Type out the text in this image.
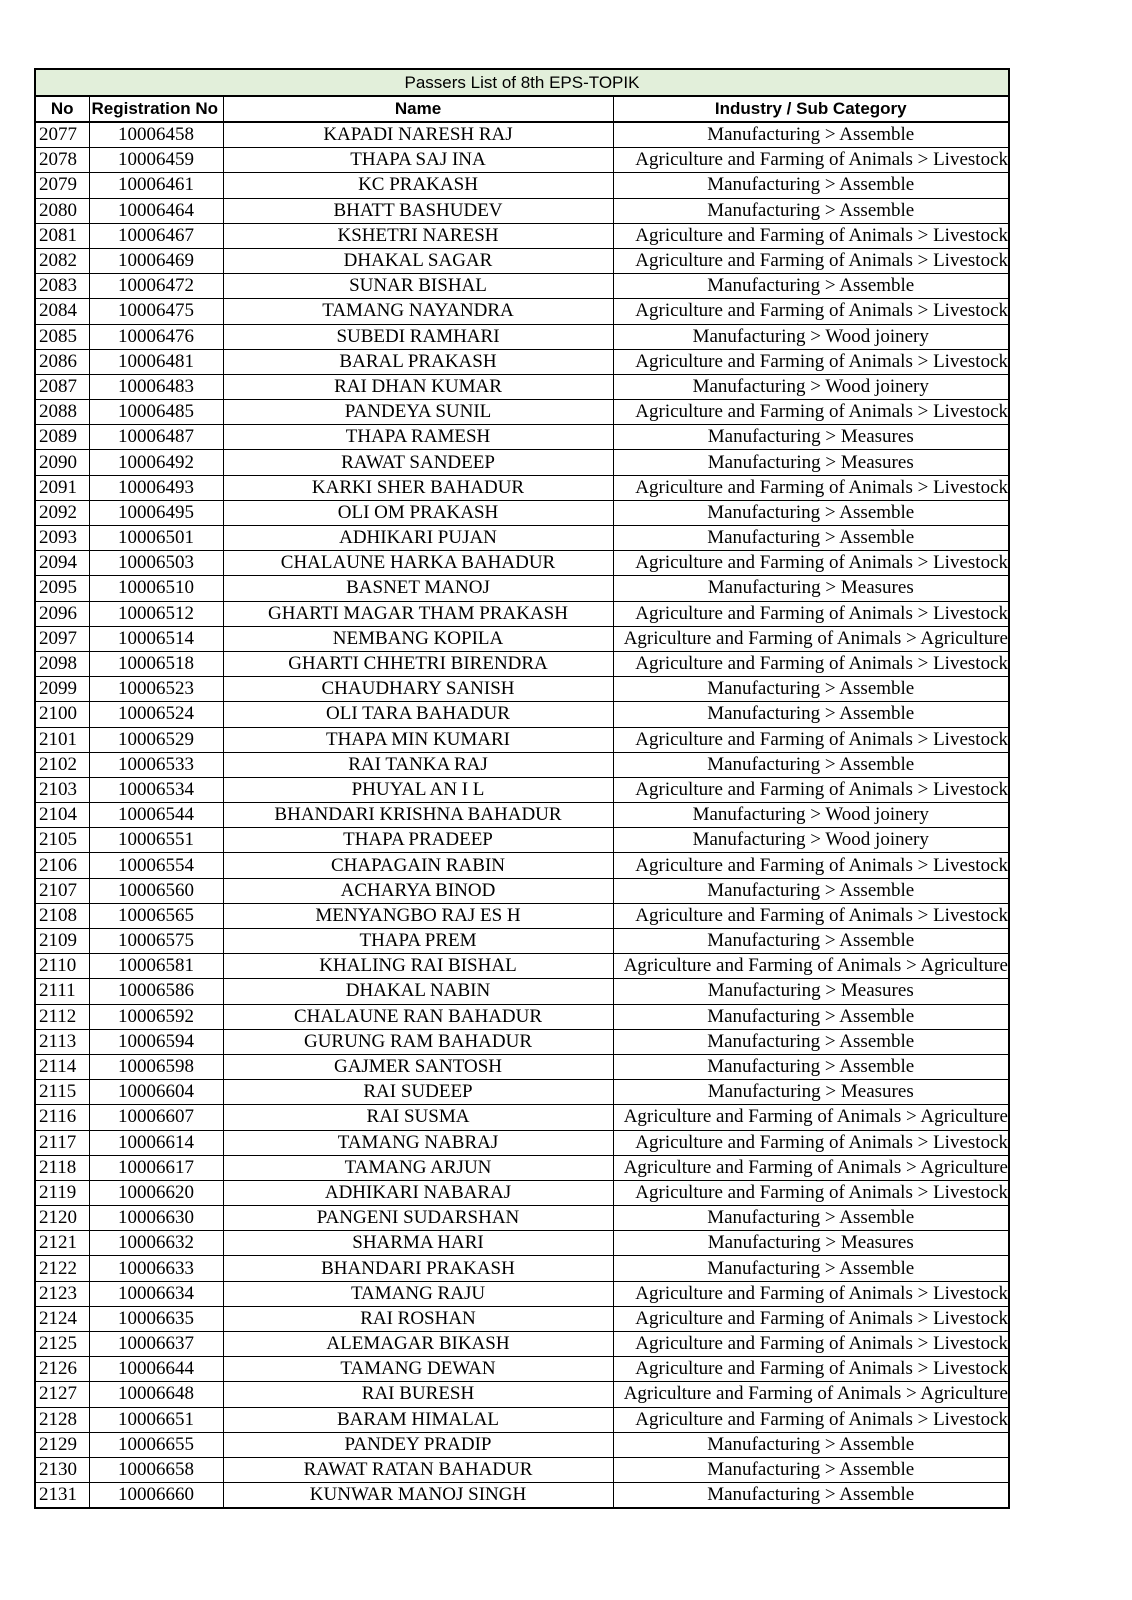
Passers List of 8th EPS-TOPIK			
No	Registration No	Name	Industry / Sub Category
2077	10006458	KAPADI NARESH RAJ	Manufacturing > Assemble
2078	10006459	THAPA SAJ INA	Agriculture and Farming of Animals > Livestock
2079	10006461	KC PRAKASH	Manufacturing > Assemble
2080	10006464	BHATT BASHUDEV	Manufacturing > Assemble
2081	10006467	KSHETRI NARESH	Agriculture and Farming of Animals > Livestock
2082	10006469	DHAKAL SAGAR	Agriculture and Farming of Animals > Livestock
2083	10006472	SUNAR BISHAL	Manufacturing > Assemble
2084	10006475	TAMANG NAYANDRA	Agriculture and Farming of Animals > Livestock
2085	10006476	SUBEDI RAMHARI	Manufacturing > Wood joinery
2086	10006481	BARAL PRAKASH	Agriculture and Farming of Animals > Livestock
2087	10006483	RAI DHAN KUMAR	Manufacturing > Wood joinery
2088	10006485	PANDEYA SUNIL	Agriculture and Farming of Animals > Livestock
2089	10006487	THAPA RAMESH	Manufacturing > Measures
2090	10006492	RAWAT SANDEEP	Manufacturing > Measures
2091	10006493	KARKI SHER BAHADUR	Agriculture and Farming of Animals > Livestock
2092	10006495	OLI OM PRAKASH	Manufacturing > Assemble
2093	10006501	ADHIKARI PUJAN	Manufacturing > Assemble
2094	10006503	CHALAUNE HARKA BAHADUR	Agriculture and Farming of Animals > Livestock
2095	10006510	BASNET MANOJ	Manufacturing > Measures
2096	10006512	GHARTI MAGAR THAM PRAKASH	Agriculture and Farming of Animals > Livestock
2097	10006514	NEMBANG KOPILA	Agriculture and Farming of Animals > Agriculture
2098	10006518	GHARTI CHHETRI BIRENDRA	Agriculture and Farming of Animals > Livestock
2099	10006523	CHAUDHARY SANISH	Manufacturing > Assemble
2100	10006524	OLI TARA BAHADUR	Manufacturing > Assemble
2101	10006529	THAPA MIN KUMARI	Agriculture and Farming of Animals > Livestock
2102	10006533	RAI TANKA RAJ	Manufacturing > Assemble
2103	10006534	PHUYAL AN I L	Agriculture and Farming of Animals > Livestock
2104	10006544	BHANDARI KRISHNA BAHADUR	Manufacturing > Wood joinery
2105	10006551	THAPA PRADEEP	Manufacturing > Wood joinery
2106	10006554	CHAPAGAIN RABIN	Agriculture and Farming of Animals > Livestock
2107	10006560	ACHARYA BINOD	Manufacturing > Assemble
2108	10006565	MENYANGBO RAJ ES H	Agriculture and Farming of Animals > Livestock
2109	10006575	THAPA PREM	Manufacturing > Assemble
2110	10006581	KHALING RAI BISHAL	Agriculture and Farming of Animals > Agriculture
2111	10006586	DHAKAL NABIN	Manufacturing > Measures
2112	10006592	CHALAUNE RAN BAHADUR	Manufacturing > Assemble
2113	10006594	GURUNG RAM BAHADUR	Manufacturing > Assemble
2114	10006598	GAJMER SANTOSH	Manufacturing > Assemble
2115	10006604	RAI SUDEEP	Manufacturing > Measures
2116	10006607	RAI SUSMA	Agriculture and Farming of Animals > Agriculture
2117	10006614	TAMANG NABRAJ	Agriculture and Farming of Animals > Livestock
2118	10006617	TAMANG ARJUN	Agriculture and Farming of Animals > Agriculture
2119	10006620	ADHIKARI NABARAJ	Agriculture and Farming of Animals > Livestock
2120	10006630	PANGENI SUDARSHAN	Manufacturing > Assemble
2121	10006632	SHARMA HARI	Manufacturing > Measures
2122	10006633	BHANDARI PRAKASH	Manufacturing > Assemble
2123	10006634	TAMANG RAJU	Agriculture and Farming of Animals > Livestock
2124	10006635	RAI ROSHAN	Agriculture and Farming of Animals > Livestock
2125	10006637	ALEMAGAR BIKASH	Agriculture and Farming of Animals > Livestock
2126	10006644	TAMANG DEWAN	Agriculture and Farming of Animals > Livestock
2127	10006648	RAI BURESH	Agriculture and Farming of Animals > Agriculture
2128	10006651	BARAM HIMALAL	Agriculture and Farming of Animals > Livestock
2129	10006655	PANDEY PRADIP	Manufacturing > Assemble
2130	10006658	RAWAT RATAN BAHADUR	Manufacturing > Assemble
2131	10006660	KUNWAR MANOJ SINGH	Manufacturing > Assemble
